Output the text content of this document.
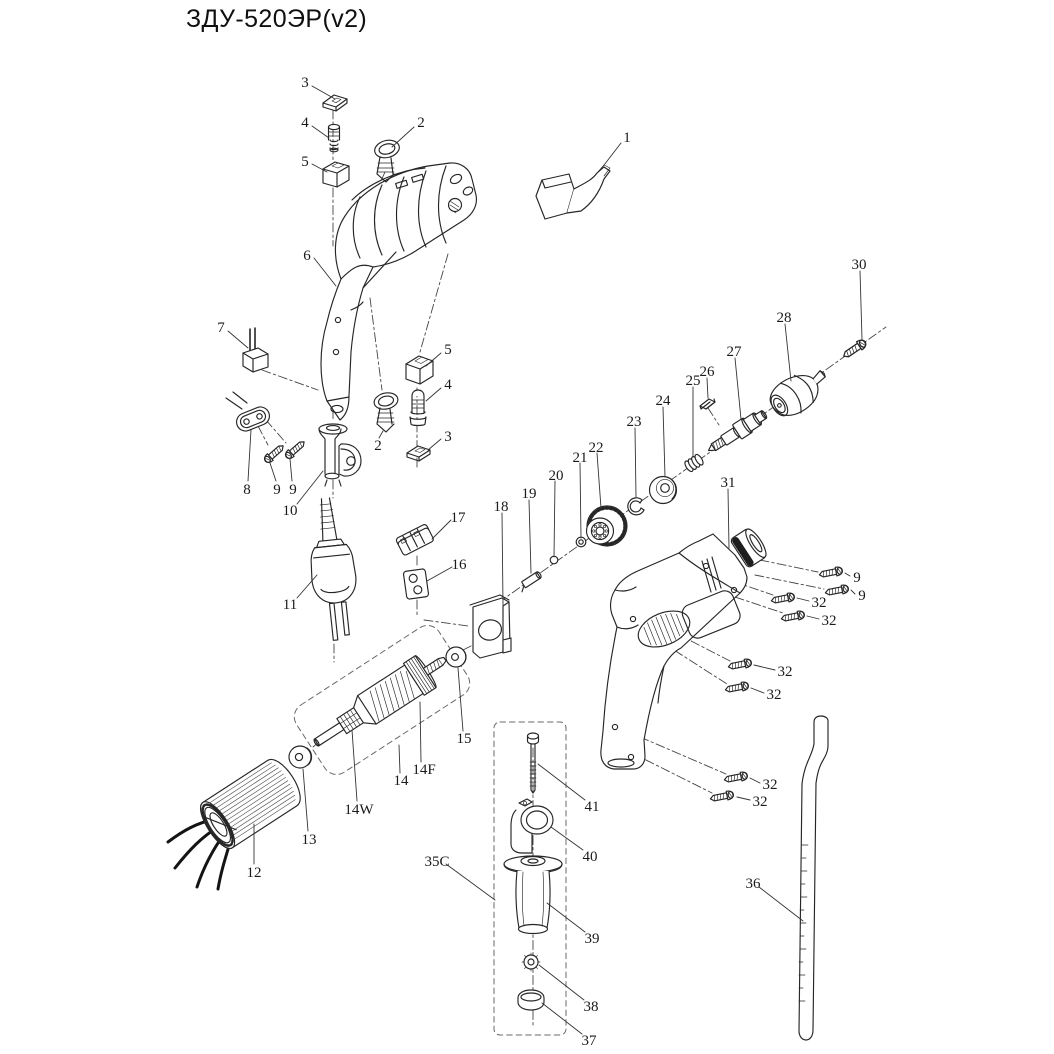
ЗДУ-520ЭР(v2)
3
4
5
2
1
6
7
30
28
27
26
25
5
4
24
23
3
2	22
21
20
8 9 9	19
18
10
31
17
16
9
9
32
32
11
32
32
15
14F
14	32
32
41
14W
13
40
12
35C
36
39
38
37
